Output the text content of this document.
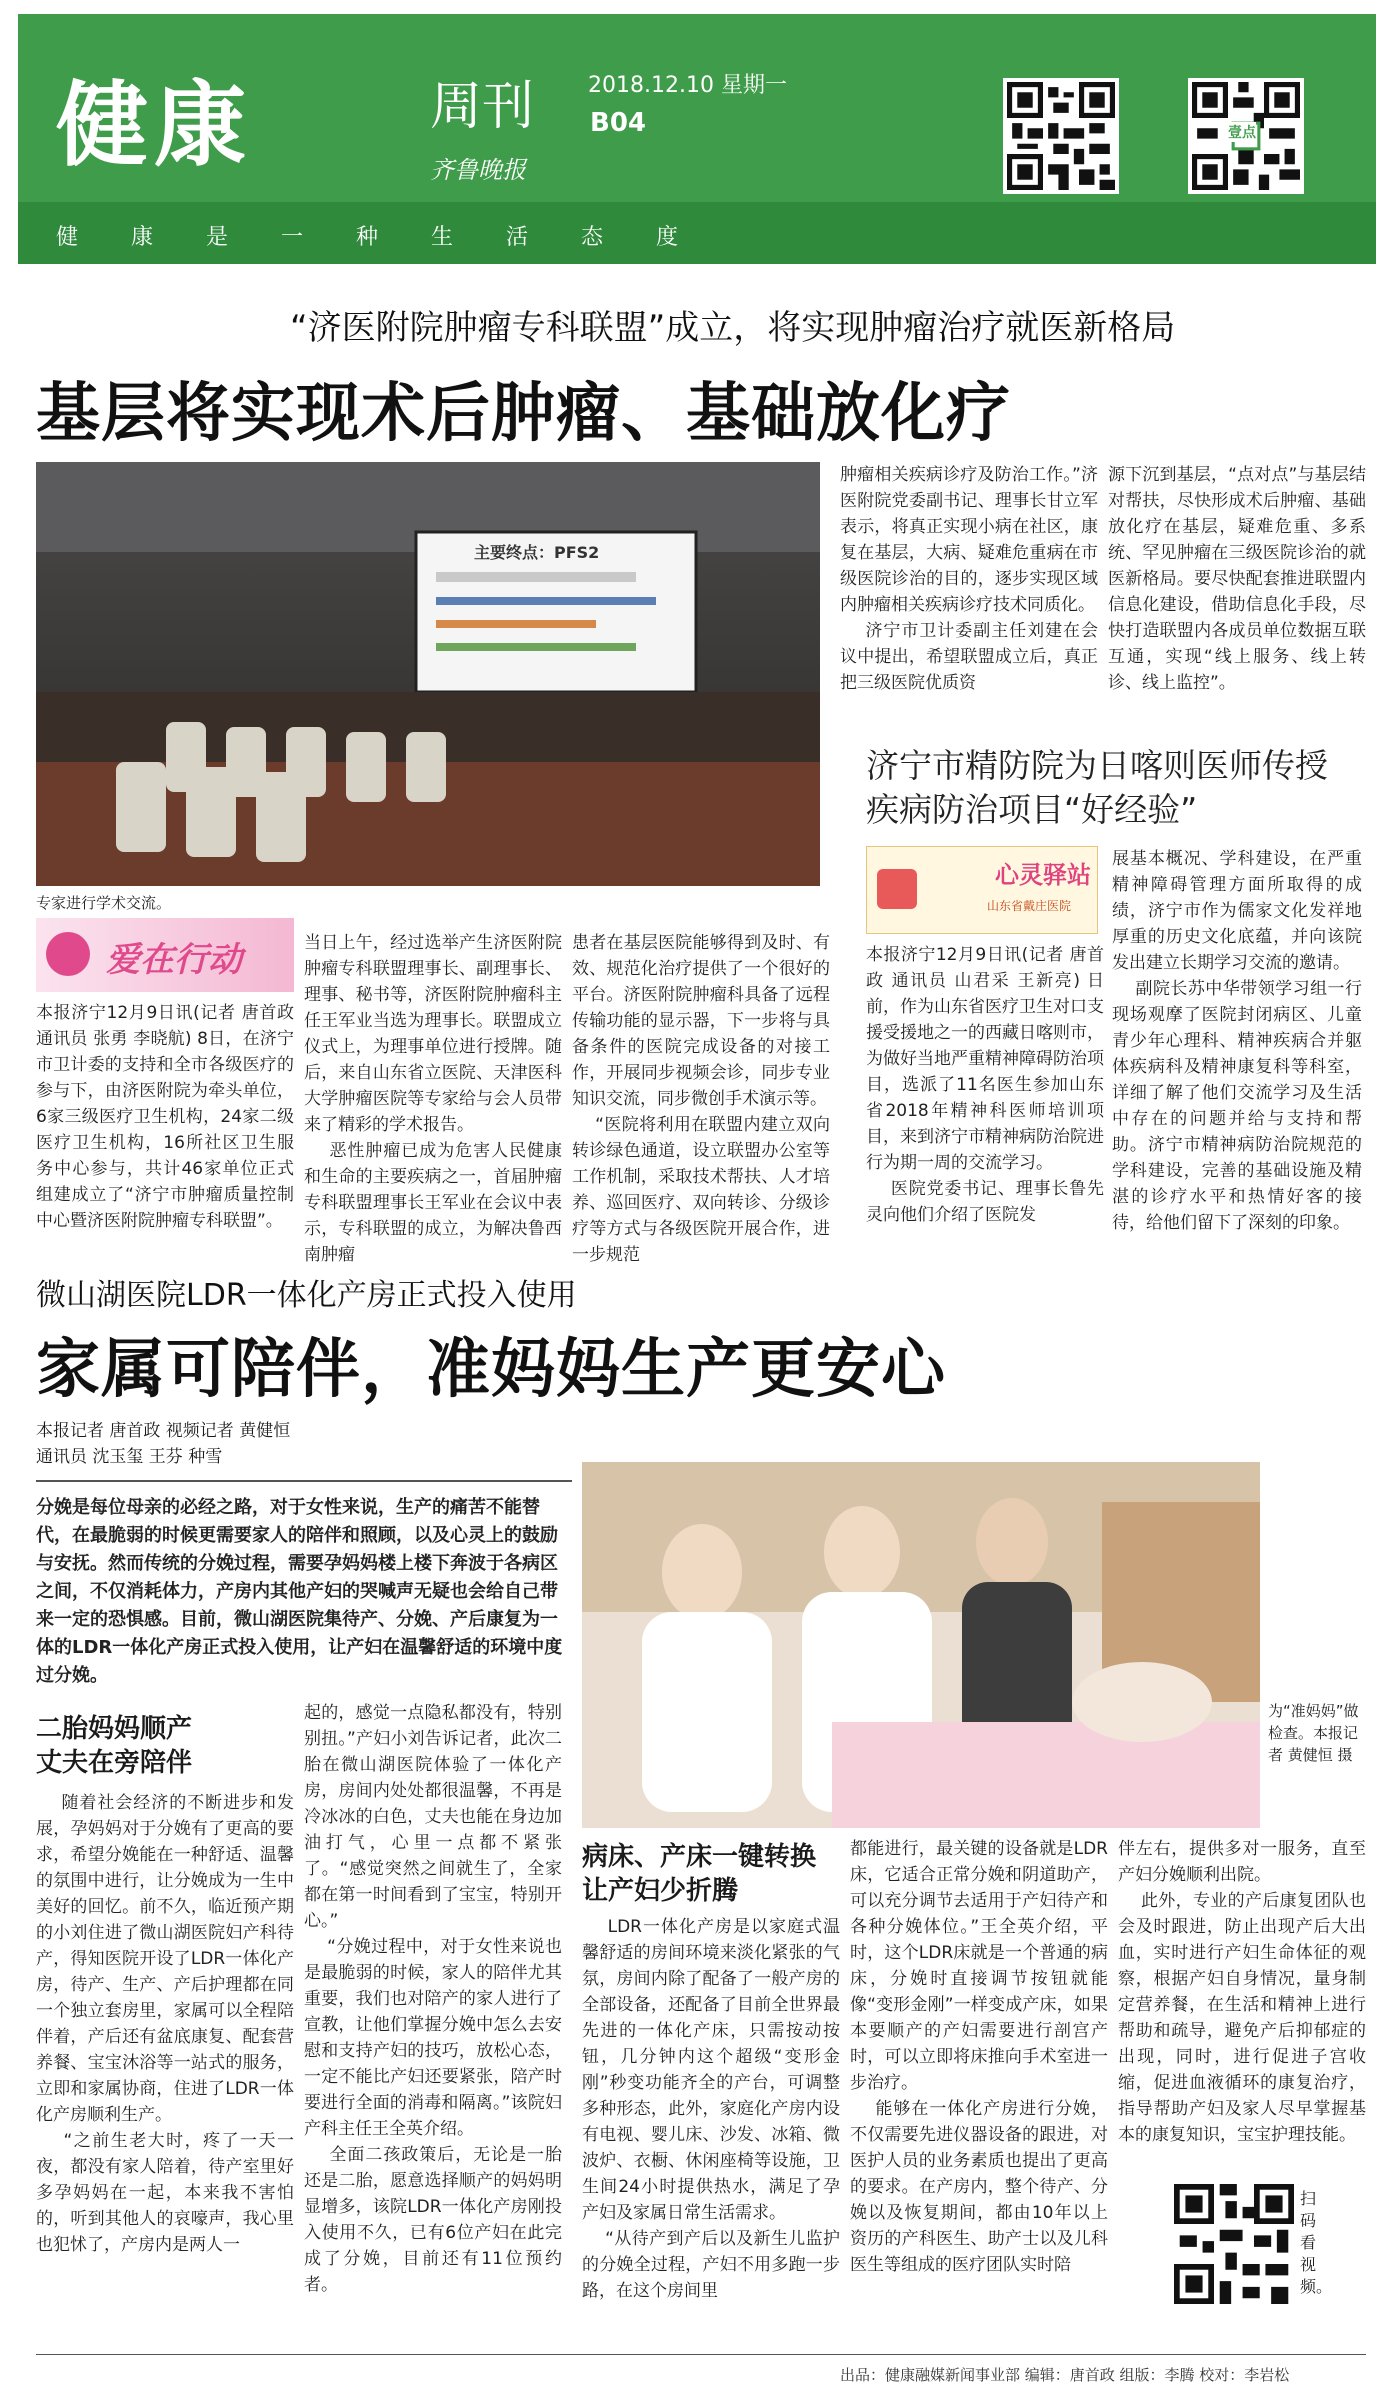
健康	周刊 2018.12.10 星期一
B04
齐鲁晚报
健康是一种生活态度
壹点
“济医附院肿瘤专科联盟”成立，将实现肿瘤治疗就医新格局
基层将实现术后肿瘤、基础放化疗
主要终点：PFS2
专家进行学术交流。
爱在行动
本报济宁12月9日讯(记者 唐首政 通讯员 张勇 李晓航) 8日，在济宁市卫计委的支持和全市各级医疗的参与下，由济医附院为牵头单位，6家三级医疗卫生机构，24家二级医疗卫生机构，16所社区卫生服务中心参与，共计46家单位正式组建成立了“济宁市肿瘤质量控制中心暨济医附院肿瘤专科联盟”。
当日上午，经过选举产生济医附院肿瘤专科联盟理事长、副理事长、理事、秘书等，济医附院肿瘤科主任王军业当选为理事长。联盟成立仪式上，为理事单位进行授牌。随后，来自山东省立医院、天津医科大学肿瘤医院等专家给与会人员带来了精彩的学术报告。
恶性肿瘤已成为危害人民健康和生命的主要疾病之一，首届肿瘤专科联盟理事长王军业在会议中表示，专科联盟的成立，为解决鲁西南肿瘤
患者在基层医院能够得到及时、有效、规范化治疗提供了一个很好的平台。济医附院肿瘤科具备了远程传输功能的显示器，下一步将与具备条件的医院完成设备的对接工作，开展同步视频会诊，同步专业知识交流，同步微创手术演示等。
“医院将利用在联盟内建立双向转诊绿色通道，设立联盟办公室等工作机制，采取技术帮扶、人才培养、巡回医疗、双向转诊、分级诊疗等方式与各级医院开展合作，进一步规范
肿瘤相关疾病诊疗及防治工作。”济医附院党委副书记、理事长甘立军表示，将真正实现小病在社区，康复在基层，大病、疑难危重病在市级医院诊治的目的，逐步实现区域内肿瘤相关疾病诊疗技术同质化。
济宁市卫计委副主任刘建在会议中提出，希望联盟成立后，真正把三级医院优质资
源下沉到基层，“点对点”与基层结对帮扶，尽快形成术后肿瘤、基础放化疗在基层，疑难危重、多系统、罕见肿瘤在三级医院诊治的就医新格局。要尽快配套推进联盟内信息化建设，借助信息化手段，尽快打造联盟内各成员单位数据互联互通，实现“线上服务、线上转诊、线上监控”。
济宁市精防院为日喀则医师传授疾病防治项目“好经验”
心灵驿站
山东省戴庄医院
本报济宁12月9日讯(记者 唐首政 通讯员 山君采 王新亮) 日前，作为山东省医疗卫生对口支援受援地之一的西藏日喀则市，为做好当地严重精神障碍防治项目，选派了11名医生参加山东省2018年精神科医师培训项目，来到济宁市精神病防治院进行为期一周的交流学习。
医院党委书记、理事长鲁先灵向他们介绍了医院发
展基本概况、学科建设，在严重精神障碍管理方面所取得的成绩，济宁市作为儒家文化发祥地厚重的历史文化底蕴，并向该院发出建立长期学习交流的邀请。
副院长苏中华带领学习组一行现场观摩了医院封闭病区、儿童青少年心理科、精神疾病合并躯体疾病科及精神康复科等科室，详细了解了他们交流学习及生活中存在的问题并给与支持和帮助。济宁市精神病防治院规范的学科建设，完善的基础设施及精湛的诊疗水平和热情好客的接待，给他们留下了深刻的印象。
微山湖医院LDR一体化产房正式投入使用
家属可陪伴，准妈妈生产更安心
本报记者 唐首政 视频记者 黄健恒
通讯员 沈玉玺 王芬 种雪
分娩是每位母亲的必经之路，对于女性来说，生产的痛苦不能替代，在最脆弱的时候更需要家人的陪伴和照顾，以及心灵上的鼓励与安抚。然而传统的分娩过程，需要孕妈妈楼上楼下奔波于各病区之间，不仅消耗体力，产房内其他产妇的哭喊声无疑也会给自己带来一定的恐惧感。目前，微山湖医院集待产、分娩、产后康复为一体的LDR一体化产房正式投入使用，让产妇在温馨舒适的环境中度过分娩。
为“准妈妈”做检查。本报记者 黄健恒 摄
二胎妈妈顺产
丈夫在旁陪伴
随着社会经济的不断进步和发展，孕妈妈对于分娩有了更高的要求，希望分娩能在一种舒适、温馨的氛围中进行，让分娩成为一生中美好的回忆。前不久，临近预产期的小刘住进了微山湖医院妇产科待产，得知医院开设了LDR一体化产房，待产、生产、产后护理都在同一个独立套房里，家属可以全程陪伴着，产后还有盆底康复、配套营养餐、宝宝沐浴等一站式的服务，立即和家属协商，住进了LDR一体化产房顺利生产。
“之前生老大时，疼了一天一夜，都没有家人陪着，待产室里好多孕妈妈在一起，本来我不害怕的，听到其他人的哀嚎声，我心里也犯怵了，产房内是两人一
起的，感觉一点隐私都没有，特别别扭。”产妇小刘告诉记者，此次二胎在微山湖医院体验了一体化产房，房间内处处都很温馨，不再是冷冰冰的白色，丈夫也能在身边加油打气，心里一点都不紧张了。“感觉突然之间就生了，全家都在第一时间看到了宝宝，特别开心。”
“分娩过程中，对于女性来说也是最脆弱的时候，家人的陪伴尤其重要，我们也对陪产的家人进行了宣教，让他们掌握分娩中怎么去安慰和支持产妇的技巧，放松心态，一定不能比产妇还要紧张，陪产时要进行全面的消毒和隔离。”该院妇产科主任王全英介绍。
全面二孩政策后，无论是一胎还是二胎，愿意选择顺产的妈妈明显增多，该院LDR一体化产房刚投入使用不久，已有6位产妇在此完成了分娩，目前还有11位预约者。
病床、产床一键转换
让产妇少折腾
LDR一体化产房是以家庭式温馨舒适的房间环境来淡化紧张的气氛，房间内除了配备了一般产房的全部设备，还配备了目前全世界最先进的一体化产床，只需按动按钮，几分钟内这个超级“变形金刚”秒变功能齐全的产台，可调整多种形态，此外，家庭化产房内设有电视、婴儿床、沙发、冰箱、微波炉、衣橱、休闲座椅等设施，卫生间24小时提供热水，满足了孕产妇及家属日常生活需求。
“从待产到产后以及新生儿监护的分娩全过程，产妇不用多跑一步路，在这个房间里
都能进行，最关键的设备就是LDR床，它适合正常分娩和阴道助产，可以充分调节去适用于产妇待产和各种分娩体位。”王全英介绍，平时，这个LDR床就是一个普通的病床，分娩时直接调节按钮就能像“变形金刚”一样变成产床，如果本要顺产的产妇需要进行剖宫产时，可以立即将床推向手术室进一步治疗。
能够在一体化产房进行分娩，不仅需要先进仪器设备的跟进，对医护人员的业务素质也提出了更高的要求。在产房内，整个待产、分娩以及恢复期间，都由10年以上资历的产科医生、助产士以及儿科医生等组成的医疗团队实时陪
伴左右，提供多对一服务，直至产妇分娩顺利出院。
此外，专业的产后康复团队也会及时跟进，防止出现产后大出血，实时进行产妇生命体征的观察，根据产妇自身情况，量身制定营养餐，在生活和精神上进行帮助和疏导，避免产后抑郁症的出现，同时，进行促进子宫收缩，促进血液循环的康复治疗，指导帮助产妇及家人尽早掌握基本的康复知识，宝宝护理技能。
扫码看视频。
出品：健康融媒新闻事业部 编辑：唐首政 组版：李腾 校对：李岩松
